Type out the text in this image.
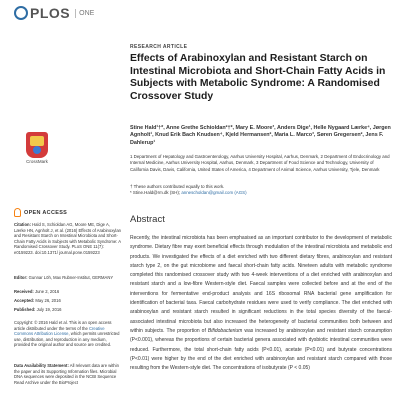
PLOS	ONE
CrossMark
OPEN ACCESS
Citation: Hald S, Schioldan AG, Moore ME, Dige A, Lærke HN, Agnholt J, et al. (2016) Effects of Arabinoxylan and Resistant Starch on Intestinal Microbiota and Short-Chain Fatty Acids in Subjects with Metabolic Syndrome: A Randomised Crossover Study. PLoS ONE 11(7): e0159223. doi:10.1371/ journal.pone.0159223
Editor: Gunnar Löh, Max Rubner-Institut, GERMANY
Received: June 2, 2016
Accepted: May 26, 2016
Published: July 19, 2016
Copyright: © 2016 Hald et al. This is an open access article distributed under the terms of the Creative Commons Attribution License, which permits unrestricted use, distribution, and reproduction in any medium, provided the original author and source are credited.
Data Availability Statement: All relevant data are within the paper and its Supporting Information files. Microbial DNA sequences were deposited in the NCBI Sequence Read Archive under the BioProject
RESEARCH ARTICLE
Effects of Arabinoxylan and Resistant Starch on Intestinal Microbiota and Short-Chain Fatty Acids in Subjects with Metabolic Syndrome: A Randomised Crossover Study
Stine Hald¹†*, Anne Grethe Schioldan²†*, Mary E. Moore³, Anders Dige¹, Helle Nygaard Lærke⁴, Jørgen Agnholt¹, Knud Erik Bach Knudsen⁴, Kjeld Hermansen², Maria L. Marco³, Søren Gregersen², Jens F. Dahlerup¹
1 Department of Hepatology and Gastroenterology, Aarhus University Hospital, Aarhus, Denmark, 2 Department of Endocrinology and Internal Medicine, Aarhus University Hospital, Aarhus, Denmark, 3 Department of Food Science and Technology, University of California Davis, Davis, California, United States of America, 4 Department of Animal Science, Aarhus University, Tjele, Denmark
† These authors contributed equally to this work.
* Stine.Hald@rm.dk (SH); annescholdan@gmail.com (AGS)
Abstract

Recently, the intestinal microbiota has been emphasised as an important contributor to the development of metabolic syndrome. Dietary fibre may exert beneficial effects through modulation of the intestinal microbiota and metabolic end products. We investigated the effects of a diet enriched with two different dietary fibres, arabinoxylan and resistant starch type 2, on the gut microbiome and faecal short-chain fatty acids. Nineteen adults with metabolic syndrome completed this randomised crossover study with two 4-week interventions of a diet enriched with arabinoxylan and resistant starch and a low-fibre Western-style diet. Faecal samples were collected before and at the end of the interventions for fermentative end-product analysis and 16S ribosomal RNA bacterial gene amplification for identification of bacterial taxa. Faecal carbohydrate residues were used to verify compliance. The diet enriched with arabinoxylan and resistant starch resulted in significant reductions in the total species diversity of the faecal-associated intestinal microbiota but also increased the heterogeneity of bacterial communities both between and within subjects. The proportion of Bifidobacterium was increased by arabinoxylan and resistant starch consumption (P<0.001), whereas the proportions of certain bacterial genera associated with dysbiotic intestinal communities were reduced. Furthermore, the total short-chain fatty acids (P<0.01), acetate (P<0.01) and butyrate concentrations (P<0.01) were higher by the end of the diet enriched with arabinoxylan and resistant starch compared with those resulting from the Western-style diet. The concentrations of isobutyrate (P < 0.05)
